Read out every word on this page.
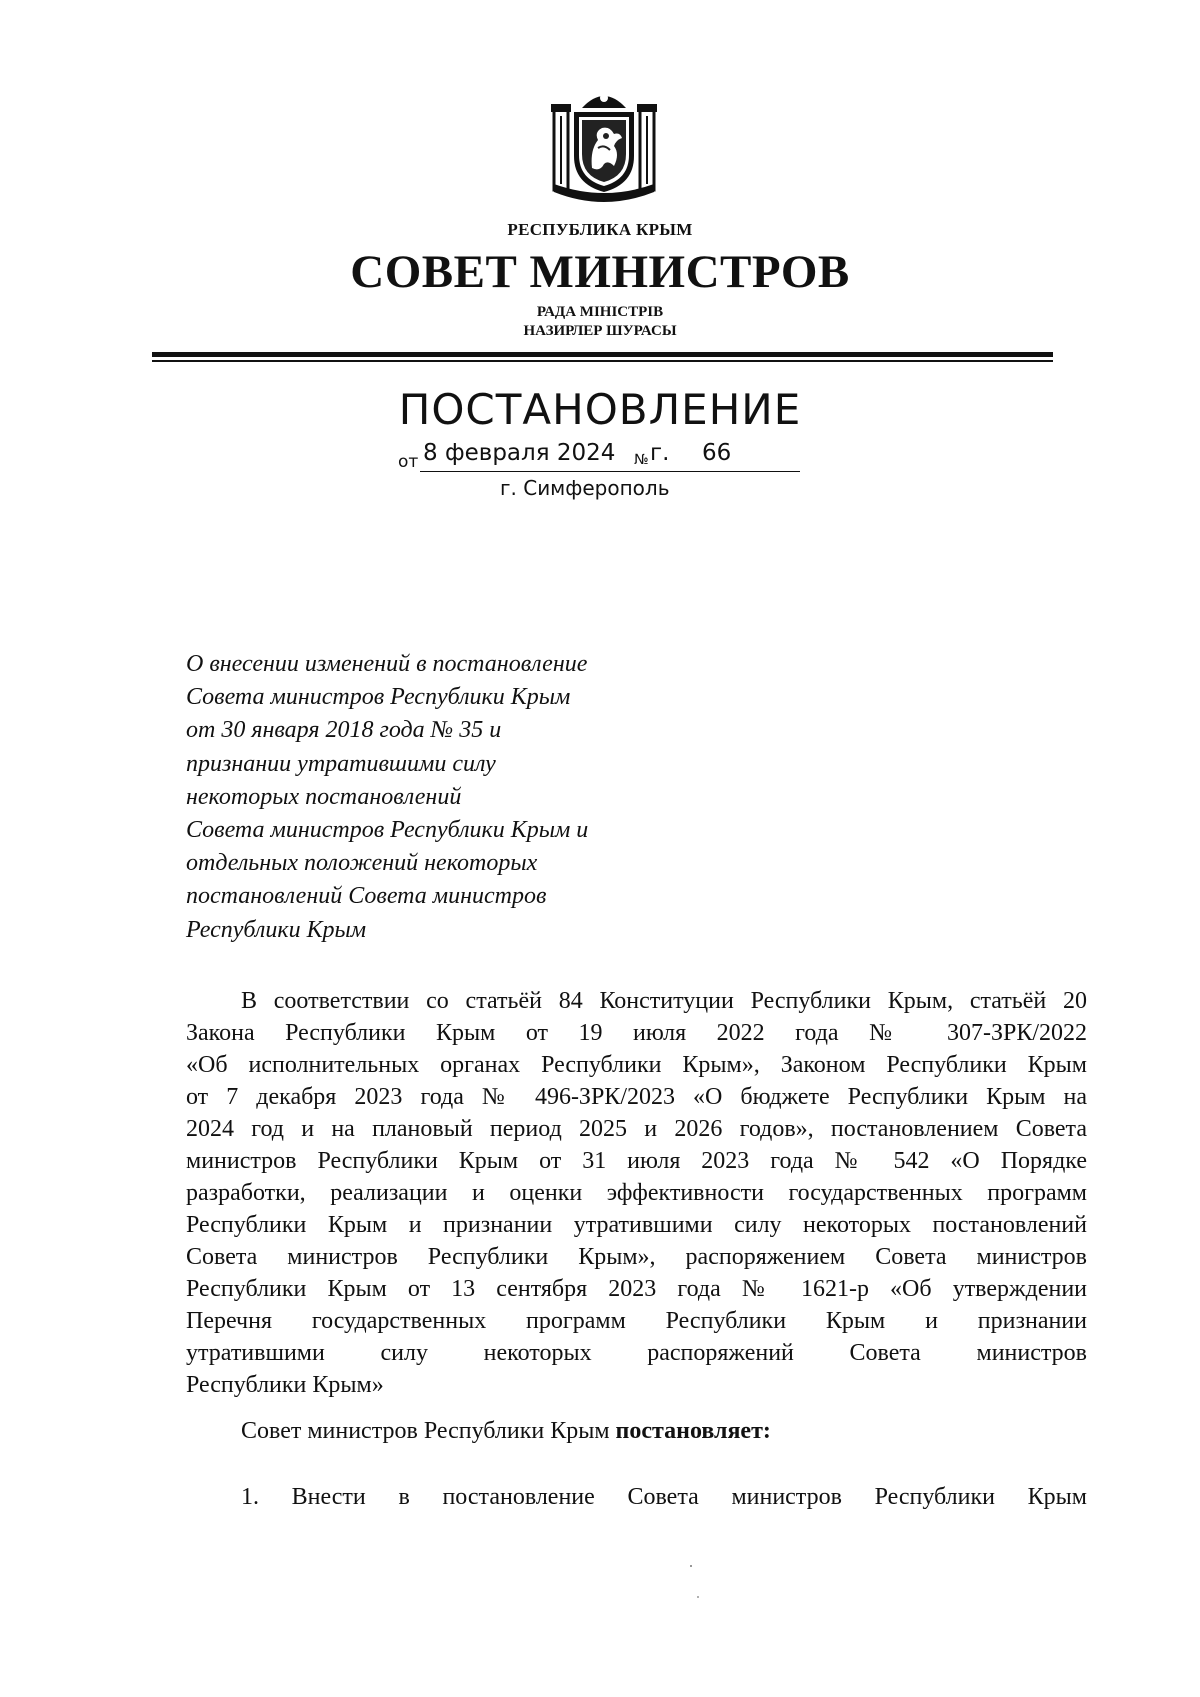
РЕСПУБЛИКА КРЫМ
СОВЕТ МИНИСТРОВ
РАДА МІНІСТРІВ
НАЗИРЛЕР ШУРАСЫ
ПОСТАНОВЛЕНИЕ
от 8 февраля 2024 № г. 66
г. Симферополь
О внесении изменений в постановление
Совета министров Республики Крым
от 30 января 2018 года № 35 и
признании утратившими силу
некоторых постановлений
Совета министров Республики Крым и
отдельных положений некоторых
постановлений Совета министров
Республики Крым
В соответствии со статьёй 84 Конституции Республики Крым, статьёй 20
Закона Республики Крым от 19 июля 2022 года № 307-ЗРК/2022
«Об исполнительных органах Республики Крым», Законом Республики Крым
от 7 декабря 2023 года № 496-ЗРК/2023 «О бюджете Республики Крым на
2024 год и на плановый период 2025 и 2026 годов», постановлением Совета
министров Республики Крым от 31 июля 2023 года № 542 «О Порядке
разработки, реализации и оценки эффективности государственных программ
Республики Крым и признании утратившими силу некоторых постановлений
Совета министров Республики Крым», распоряжением Совета министров
Республики Крым от 13 сентября 2023 года № 1621-р «Об утверждении
Перечня государственных программ Республики Крым и признании
утратившими силу некоторых распоряжений Совета министров
Республики Крым»
Совет министров Республики Крым постановляет:
1. Внести в постановление Совета министров Республики Крым
